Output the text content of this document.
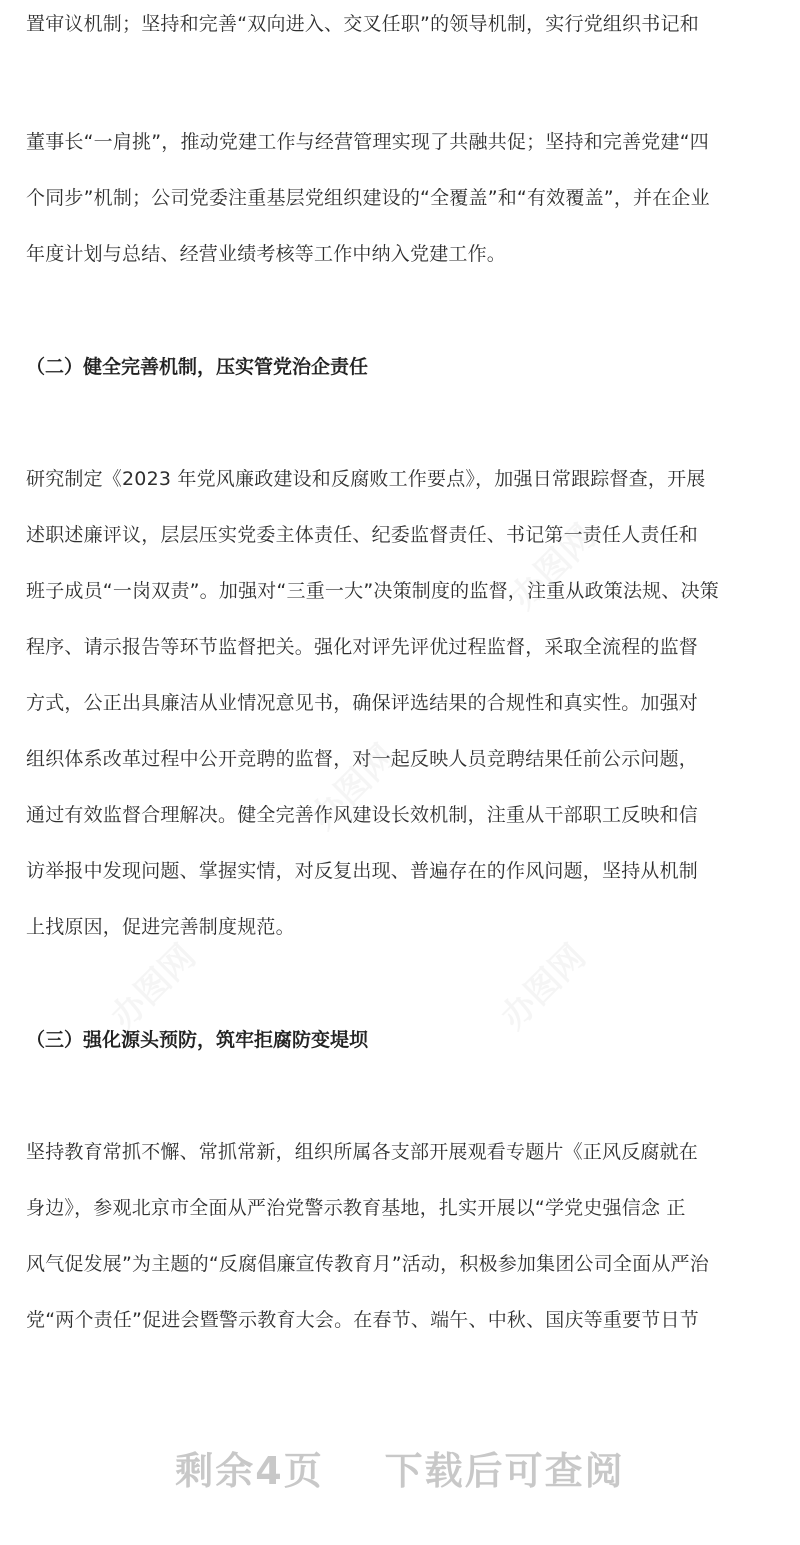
办图网
办图网
办图网	办图网
置审议机制；坚持和完善“双向进入、交叉任职”的领导机制，实行党组织书记和
董事长“一肩挑”，推动党建工作与经营管理实现了共融共促；坚持和完善党建“四
个同步”机制；公司党委注重基层党组织建设的“全覆盖”和“有效覆盖”，并在企业
年度计划与总结、经营业绩考核等工作中纳入党建工作。
（二）健全完善机制，压实管党治企责任
研究制定《2023 年党风廉政建设和反腐败工作要点》，加强日常跟踪督查，开展
述职述廉评议，层层压实党委主体责任、纪委监督责任、书记第一责任人责任和
班子成员“一岗双责”。加强对“三重一大”决策制度的监督，注重从政策法规、决策
程序、请示报告等环节监督把关。强化对评先评优过程监督，采取全流程的监督
方式，公正出具廉洁从业情况意见书，确保评选结果的合规性和真实性。加强对
组织体系改革过程中公开竞聘的监督，对一起反映人员竞聘结果任前公示问题，
通过有效监督合理解决。健全完善作风建设长效机制，注重从干部职工反映和信
访举报中发现问题、掌握实情，对反复出现、普遍存在的作风问题，坚持从机制
上找原因，促进完善制度规范。
（三）强化源头预防，筑牢拒腐防变堤坝
坚持教育常抓不懈、常抓常新，组织所属各支部开展观看专题片《正风反腐就在
身边》，参观北京市全面从严治党警示教育基地，扎实开展以“学党史强信念 正
风气促发展”为主题的“反腐倡廉宣传教育月”活动，积极参加集团公司全面从严治
党“两个责任”促进会暨警示教育大会。在春节、端午、中秋、国庆等重要节日节
剩余4页 下载后可查阅
